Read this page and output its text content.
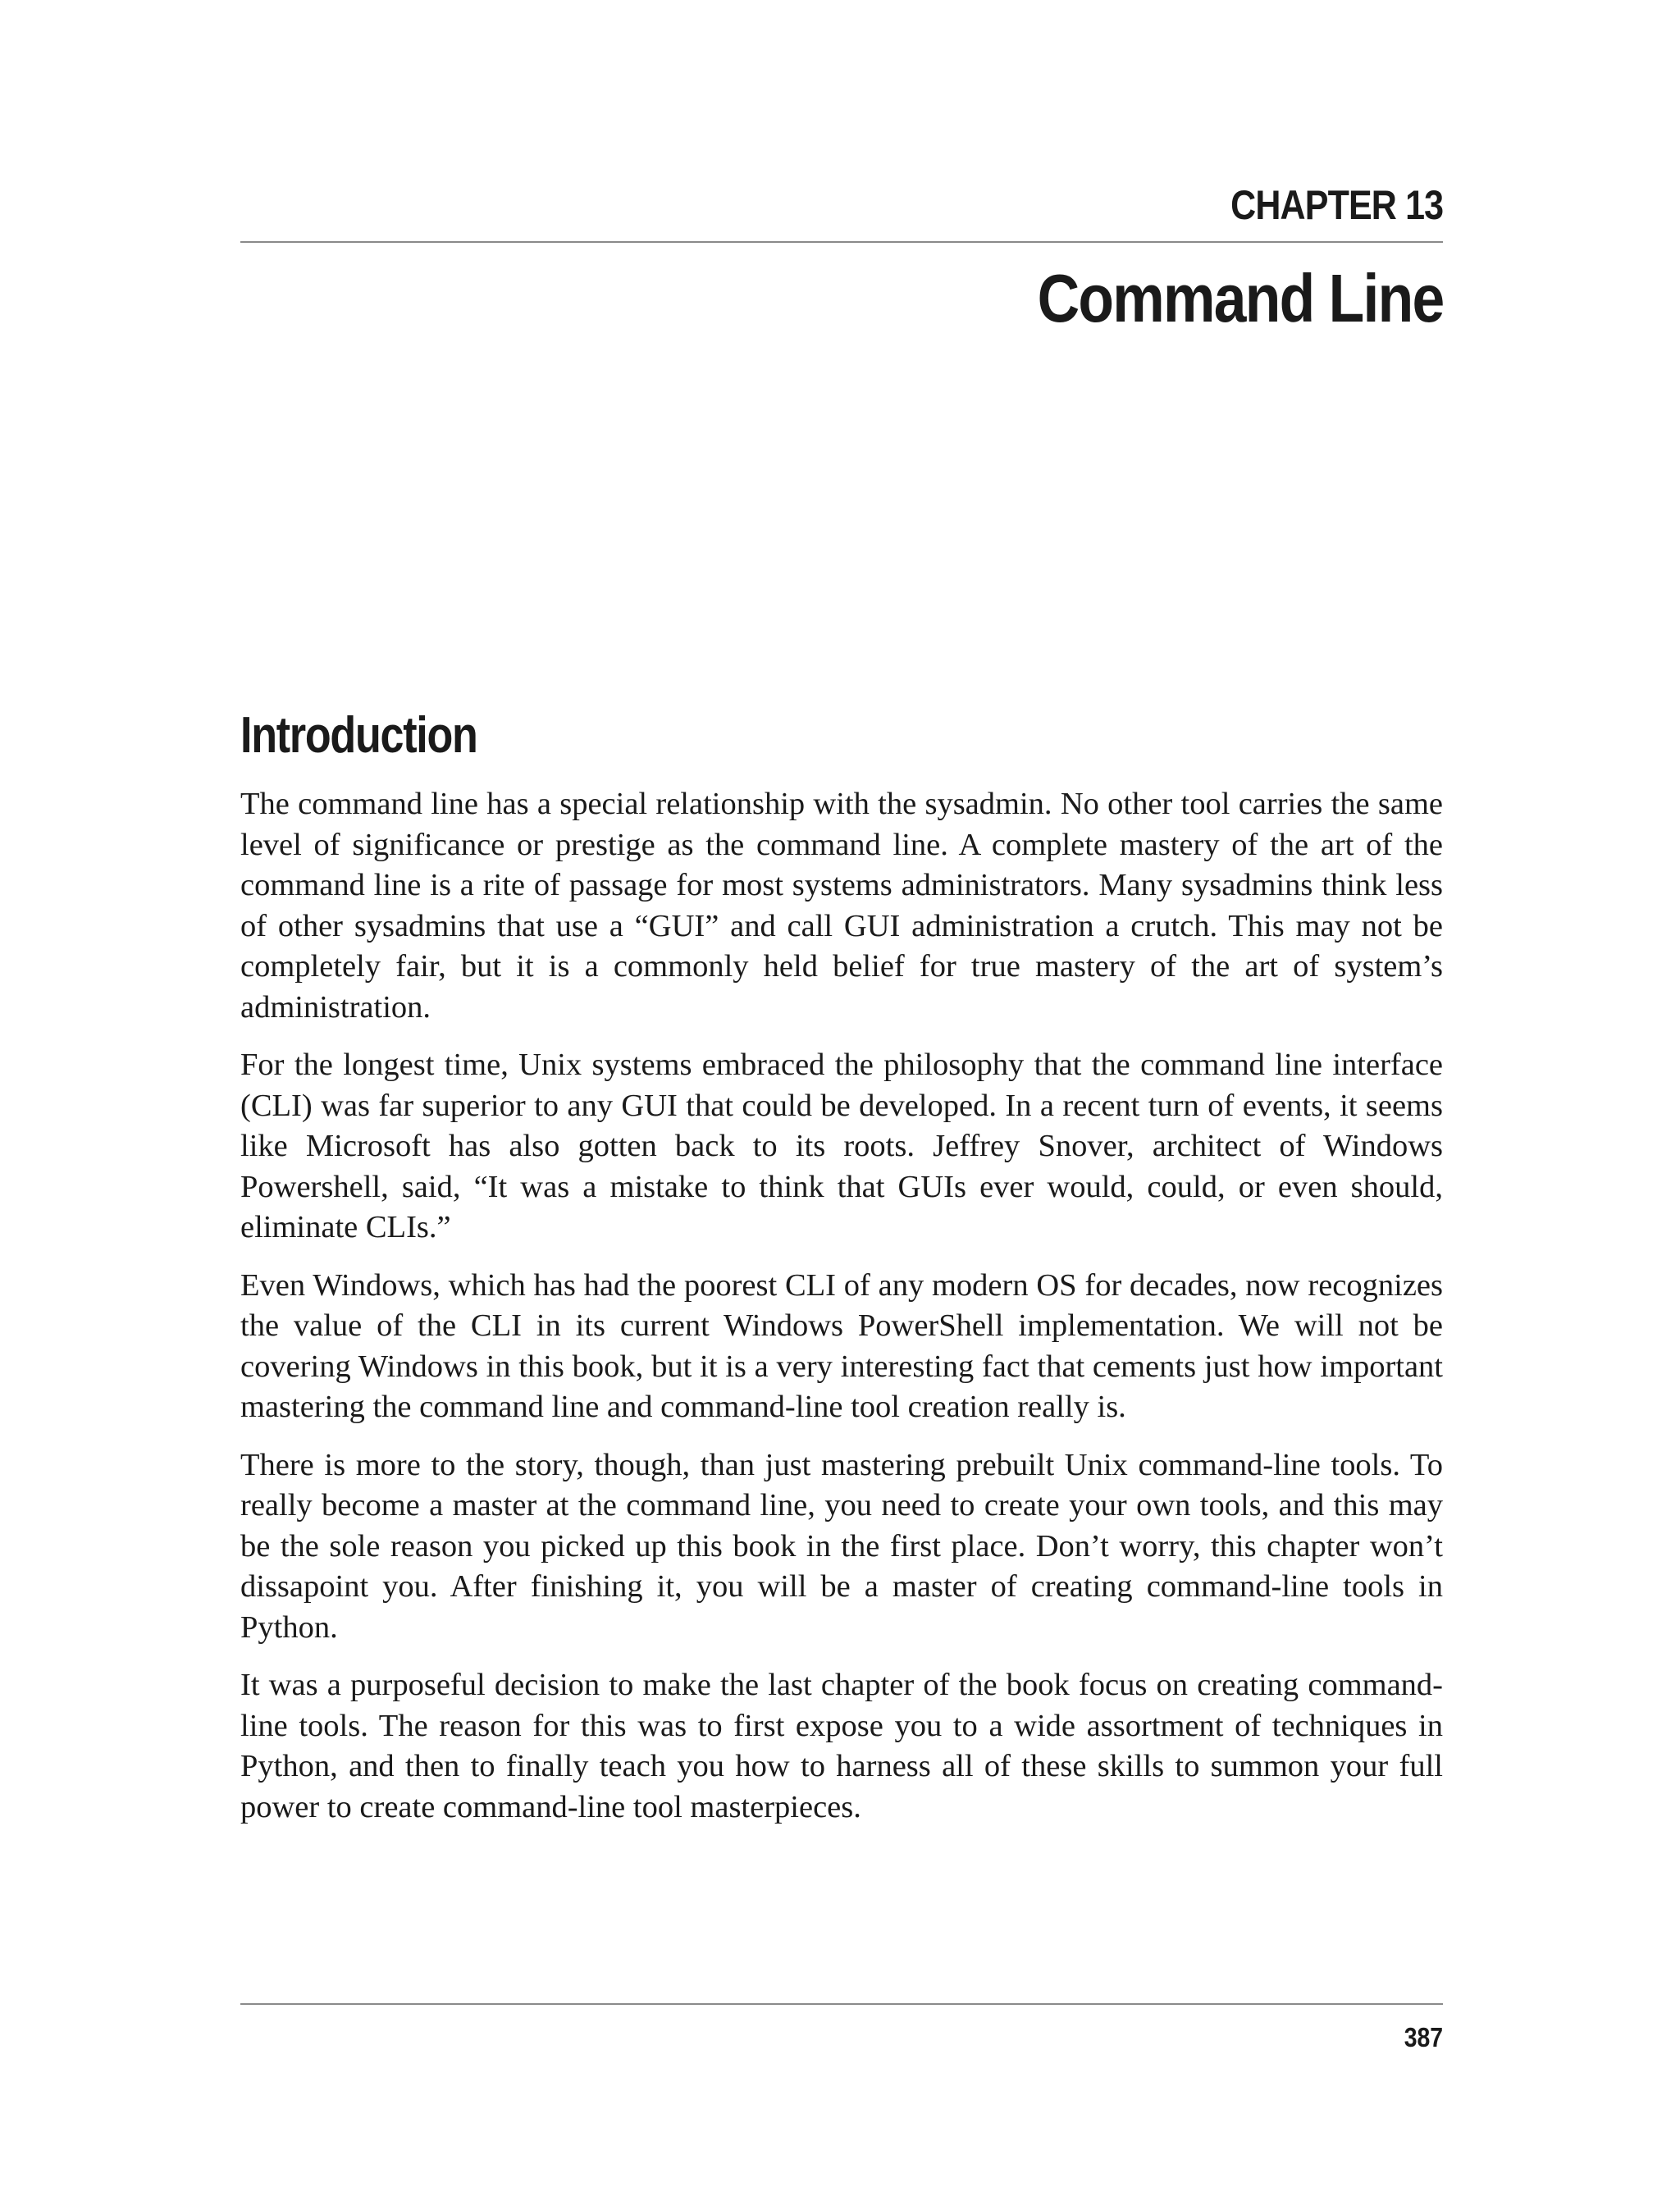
CHAPTER 13
Command Line
Introduction

The command line has a special relationship with the sysadmin. No other tool carries the same level of significance or prestige as the command line. A complete mastery of the art of the command line is a rite of passage for most systems administrators. Many sysadmins think less of other sysadmins that use a “GUI” and call GUI administration a crutch. This may not be completely fair, but it is a commonly held belief for true mastery of the art of system’s administration.

For the longest time, Unix systems embraced the philosophy that the command line interface (CLI) was far superior to any GUI that could be developed. In a recent turn of events, it seems like Microsoft has also gotten back to its roots. Jeffrey Snover, architect of Windows Powershell, said, “It was a mistake to think that GUIs ever would, could, or even should, eliminate CLIs.”

Even Windows, which has had the poorest CLI of any modern OS for decades, now recognizes the value of the CLI in its current Windows PowerShell implementation. We will not be covering Windows in this book, but it is a very interesting fact that cements just how important mastering the command line and command-line tool creation really is.

There is more to the story, though, than just mastering prebuilt Unix command-line tools. To really become a master at the command line, you need to create your own tools, and this may be the sole reason you picked up this book in the first place. Don’t worry, this chapter won’t dissapoint you. After finishing it, you will be a master of creating command-line tools in Python.

It was a purposeful decision to make the last chapter of the book focus on creating command-line tools. The reason for this was to first expose you to a wide assortment of techniques in Python, and then to finally teach you how to harness all of these skills to summon your full power to create command-line tool masterpieces.

387
